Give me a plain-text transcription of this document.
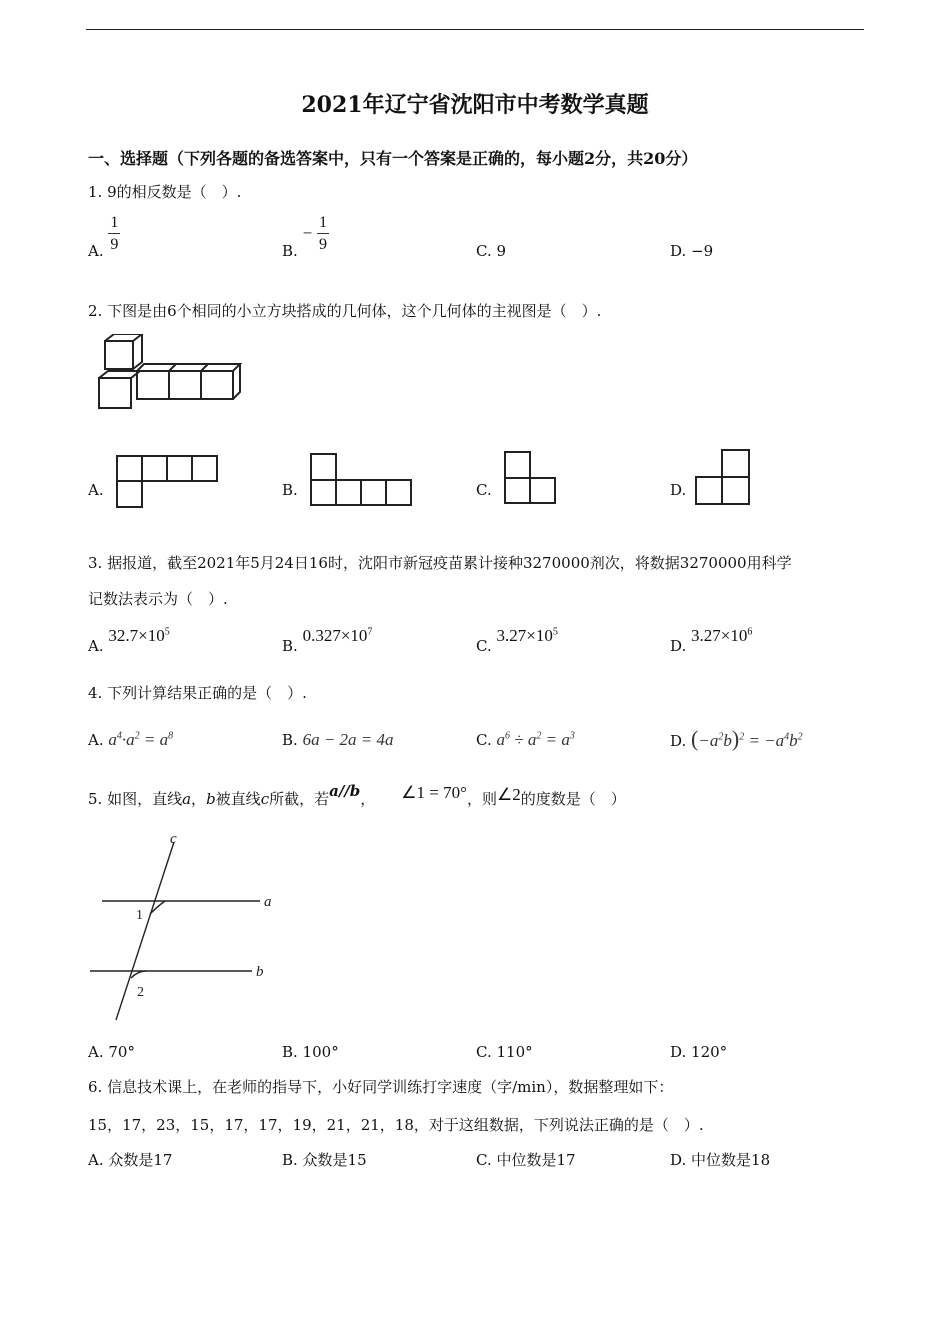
2021年辽宁省沈阳市中考数学真题
一、选择题（下列各题的备选答案中，只有一个答案是正确的，每小题2分，共20分）
1. 9的相反数是（　）.
A. $\frac{1}{9}$	B. − $\frac{1}{9}$	C. 9	D. −9
2. 下图是由6个相同的小立方块搭成的几何体，这个几何体的主视图是（　）.
A.	B.	C.	D.
3. 据报道，截至2021年5月24日16时，沈阳市新冠疫苗累计接种3270000剂次，将数据3270000用科学
记数法表示为（　）.
A. $32.7\times 10^5$
B. $0.327\times 10^7$
C. $3.27\times 10^5$
D. $3.27\times 10^6$
4. 下列计算结果正确的是（　）.
A. $a^4\cdot a^2 = a^8$	B. 6a − 2a = 4a	C. $a^6 \div a^2 = a^3$	D. $(-a^2b)^2 = -a^4b^2$
5. 如图，直线a，b被直线c所截，若a//b， ∠1 = 70°，则∠2的度数是（　）
c
a
b
1
2
A. 70°	B. 100°	C. 110°	D. 120°
6. 信息技术课上，在老师的指导下，小好同学训练打字速度（字/min），数据整理如下：
15，17，23，15，17，17，19，21，21，18，对于这组数据，下列说法正确的是（　）.
A. 众数是17	B. 众数是15	C. 中位数是17	D. 中位数是18
